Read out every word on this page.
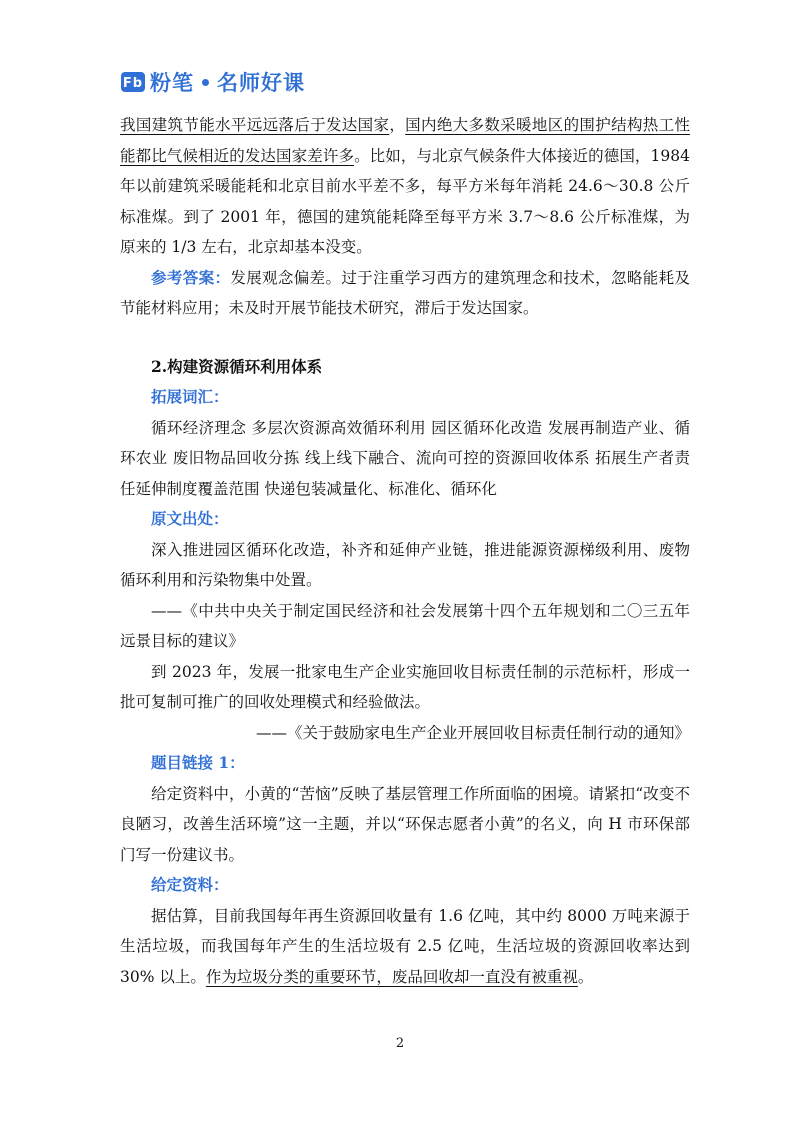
Fb 粉笔 名师好课

我国建筑节能水平远远落后于发达国家，国内绝大多数采暖地区的围护结构热工性能都比气候相近的发达国家差许多。比如，与北京气候条件大体接近的德国，1984 年以前建筑采暖能耗和北京目前水平差不多，每平方米每年消耗 24.6～30.8 公斤标准煤。到了 2001 年，德国的建筑能耗降至每平方米 3.7～8.6 公斤标准煤，为原来的 1/3 左右，北京却基本没变。

参考答案：发展观念偏差。过于注重学习西方的建筑理念和技术，忽略能耗及节能材料应用；未及时开展节能技术研究，滞后于发达国家。

2.构建资源循环利用体系

拓展词汇：

循环经济理念 多层次资源高效循环利用 园区循环化改造 发展再制造产业、循环农业 废旧物品回收分拣 线上线下融合、流向可控的资源回收体系 拓展生产者责任延伸制度覆盖范围 快递包装减量化、标准化、循环化

原文出处：

深入推进园区循环化改造，补齐和延伸产业链，推进能源资源梯级利用、废物循环利用和污染物集中处置。

——《中共中央关于制定国民经济和社会发展第十四个五年规划和二〇三五年远景目标的建议》

到 2023 年，发展一批家电生产企业实施回收目标责任制的示范标杆，形成一批可复制可推广的回收处理模式和经验做法。

——《关于鼓励家电生产企业开展回收目标责任制行动的通知》

题目链接 1：

给定资料中，小黄的“苦恼”反映了基层管理工作所面临的困境。请紧扣“改变不良陋习，改善生活环境”这一主题，并以“环保志愿者小黄”的名义，向 H 市环保部门写一份建议书。

给定资料：

据估算，目前我国每年再生资源回收量有 1.6 亿吨，其中约 8000 万吨来源于生活垃圾，而我国每年产生的生活垃圾有 2.5 亿吨，生活垃圾的资源回收率达到 30% 以上。作为垃圾分类的重要环节，废品回收却一直没有被重视。

2
